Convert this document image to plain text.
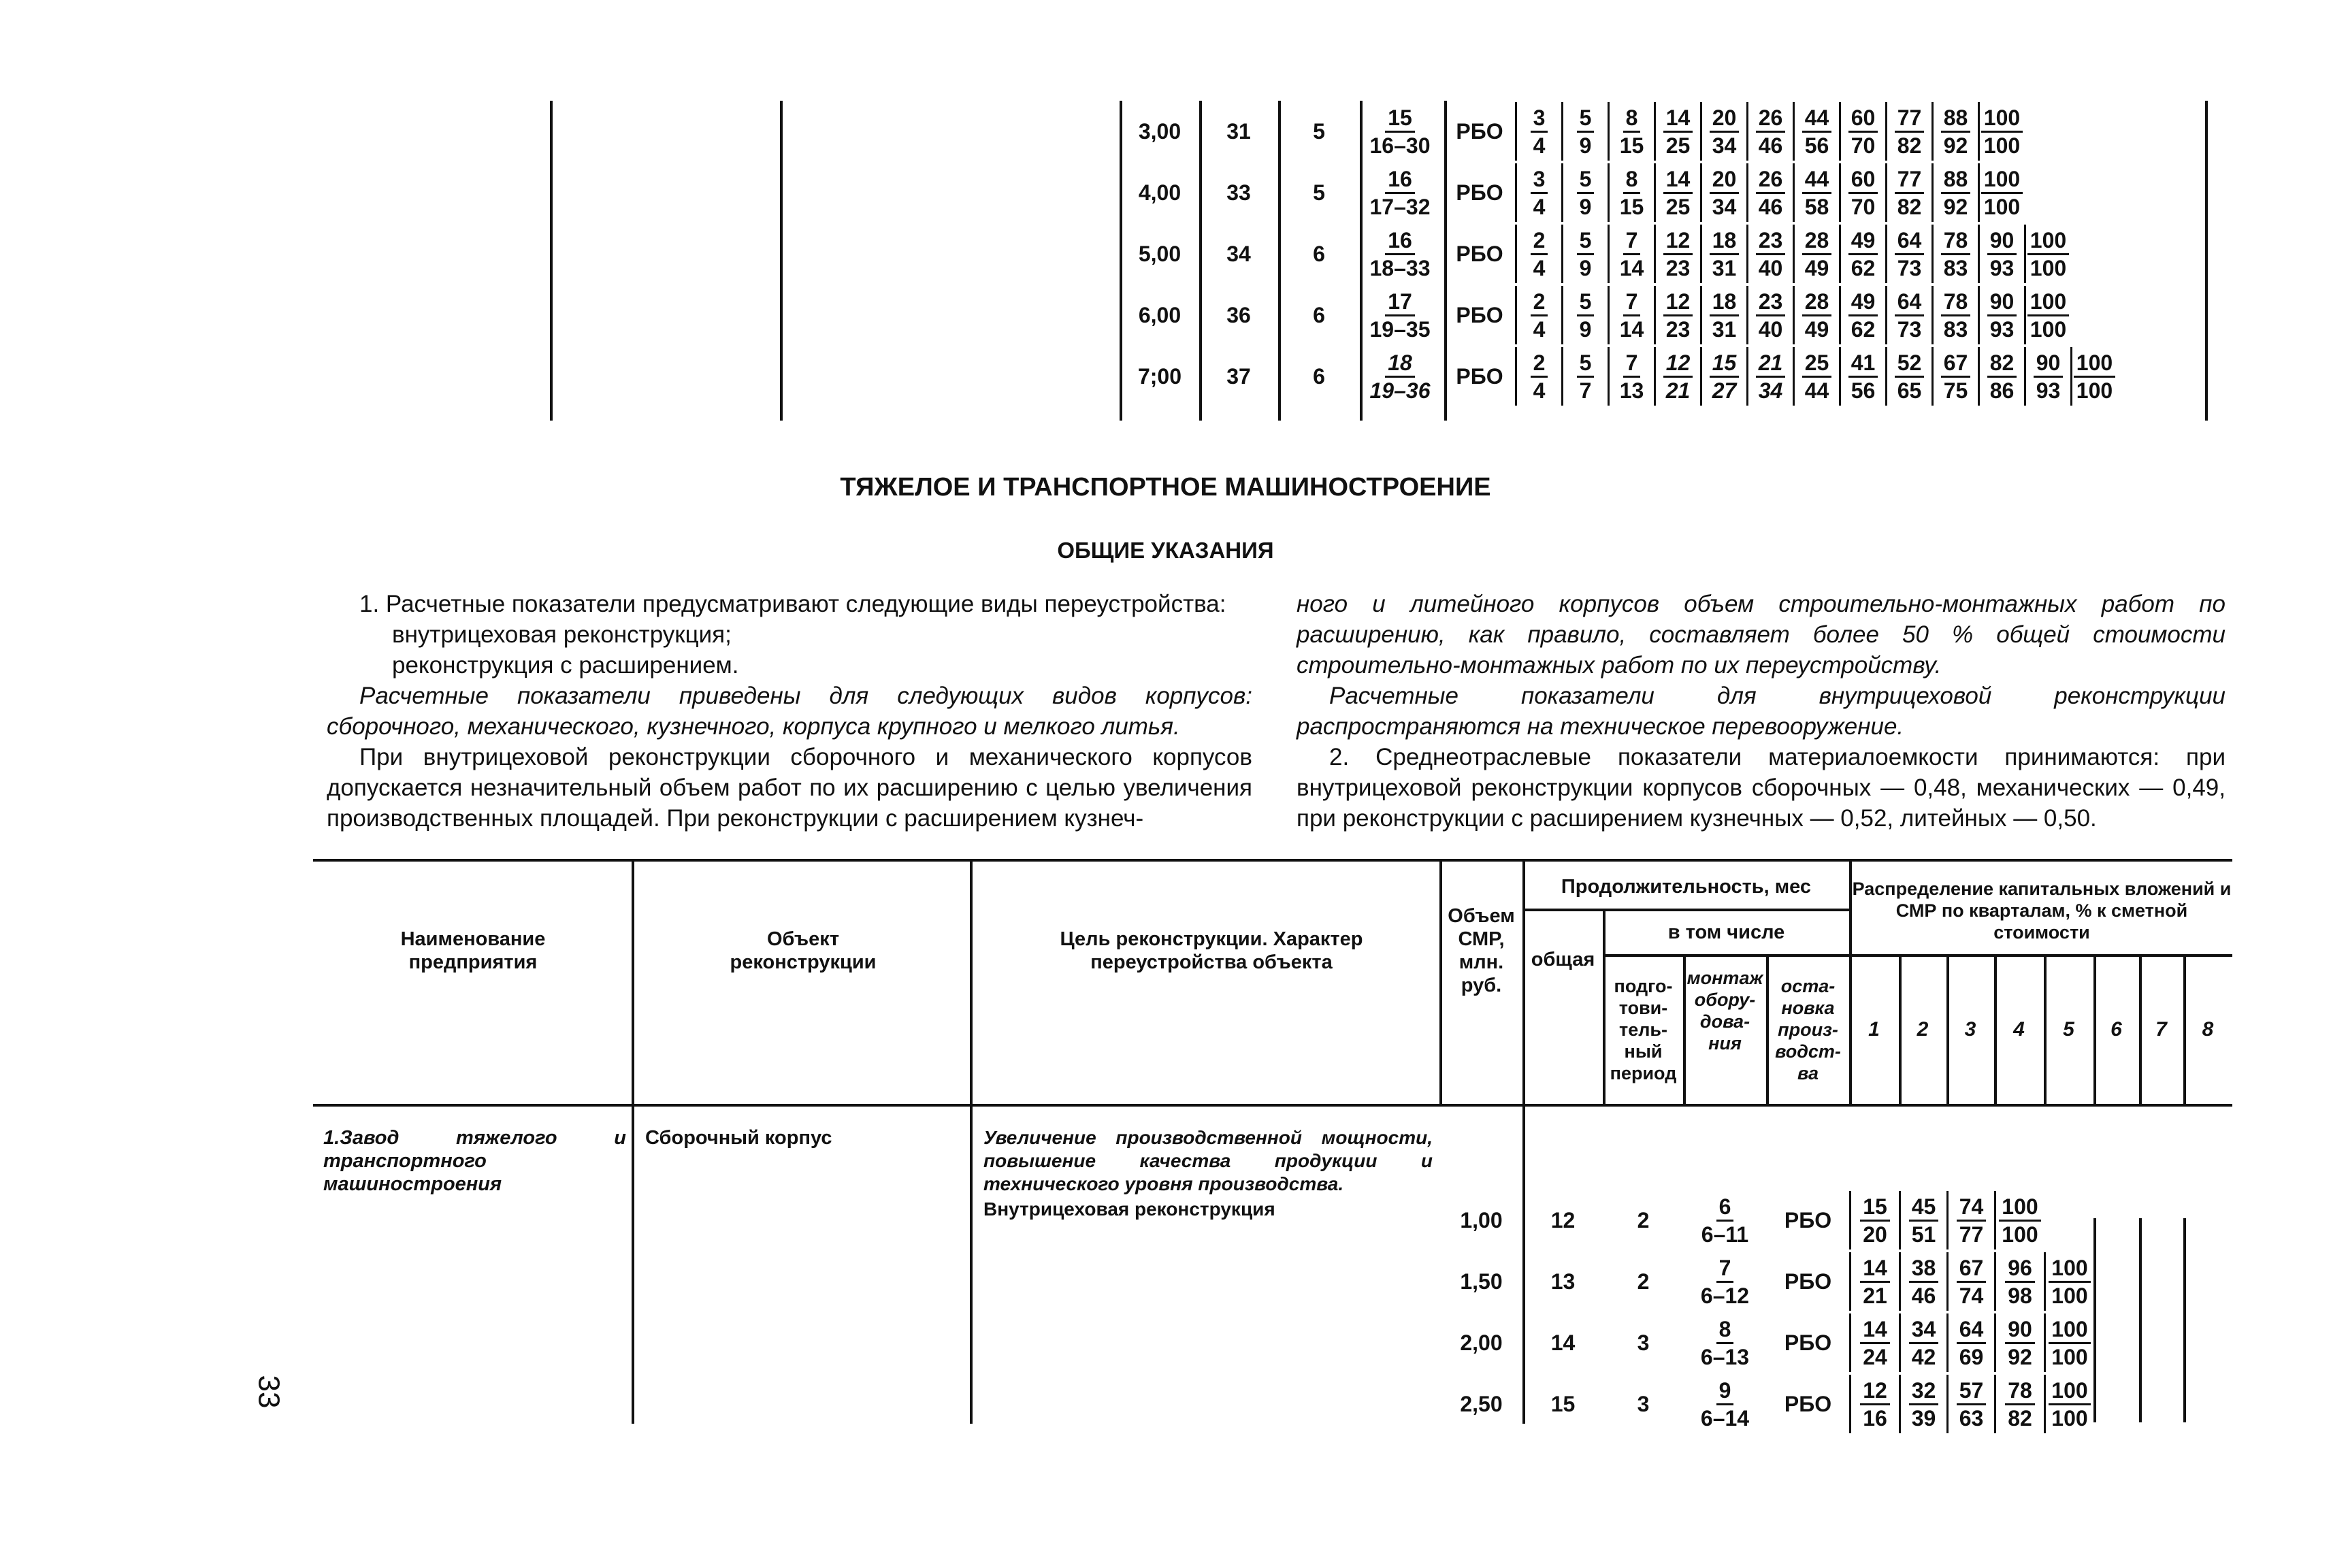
3,00	31	5	$\frac{15}{16-30}$	РБО	$\frac{3}{4} \frac{5}{9} \frac{8}{15} \frac{14}{25} \frac{20}{34} \frac{26}{46} \frac{44}{56} \frac{60}{70} \frac{77}{82} \frac{88}{92} \frac{100}{100}$
4,00	33	5	$\frac{16}{17-32}$	РБО	$\frac{3}{4} \frac{5}{9} \frac{8}{15} \frac{14}{25} \frac{20}{34} \frac{26}{46} \frac{44}{58} \frac{60}{70} \frac{77}{82} \frac{88}{92} \frac{100}{100}$
5,00	34	6	$\frac{16}{18-33}$	РБО	$\frac{2}{4} \frac{5}{9} \frac{7}{14} \frac{12}{23} \frac{18}{31} \frac{23}{40} \frac{28}{49} \frac{49}{62} \frac{64}{73} \frac{78}{83} \frac{90}{93} \frac{100}{100}$
6,00	36	6	$\frac{17}{19-35}$	РБО	$\frac{2}{4} \frac{5}{9} \frac{7}{14} \frac{12}{23} \frac{18}{31} \frac{23}{40} \frac{28}{49} \frac{49}{62} \frac{64}{73} \frac{78}{83} \frac{90}{93} \frac{100}{100}$
7;00	37	6	$\frac{18}{19-36}$	РБО	$\frac{2}{4} \frac{5}{7} \frac{7}{13} \frac{12}{21} \frac{15}{27} \frac{21}{34} \frac{25}{44} \frac{41}{56} \frac{52}{65} \frac{67}{75} \frac{82}{86} \frac{90}{93} \frac{100}{100}$
ТЯЖЕЛОЕ И ТРАНСПОРТНОЕ МАШИНОСТРОЕНИЕ
ОБЩИЕ УКАЗАНИЯ

1. Расчетные показатели предусматривают следующие виды переустройства:

внутрицеховая реконструкция;

реконструкция с расширением.

Расчетные показатели приведены для следующих видов корпусов: сборочного, механического, кузнечного, корпуса крупного и мелкого литья.

При внутрицеховой реконструкции сборочного и механического корпусов допускается незначительный объем работ по их расширению с целью увеличения производственных площадей. При реконструкции с расширением кузнеч-

ного и литейного корпусов объем строительно-монтажных работ по расширению, как правило, составляет более 50 % общей стоимости строительно-монтажных работ по их переустройству.

Расчетные показатели для внутрицеховой реконструкции распространяются на техническое перевооружение.

2. Среднеотраслевые показатели материалоемкости принимаются: при внутрицеховой реконструкции корпусов сборочных — 0,48, механических — 0,49, при реконструкции с расширением кузнечных — 0,52, литейных — 0,50.

Наименование предприятия
Объект реконструкции
Цель реконструкции. Характер переустройства объекта
Объем СМР, млн. руб.
Продолжительность, мес
общая
в том числе
подго-тови-тель-ный период
монтаж обору-дова-ния
оста-новка произ-водст-ва
Распределение капитальных вложений и СМР по кварталам, % к сметной стоимости
1	2	3	4	5	6	7	8
1.Завод тяжелого и транспортного машиностроения
Сборочный корпус	Увеличение производственной мощности, повышение качества продукции и технического уровня производства.
Внутрицеховая реконструкция	1,00	12	2	$\frac{6}{6-11}$	РБО	$\frac{15}{20} \frac{45}{51} \frac{74}{77} \frac{100}{100}$
1,50	13	2	$\frac{7}{6-12}$	РБО	$\frac{14}{21} \frac{38}{46} \frac{67}{74} \frac{96}{98} \frac{100}{100}$
2,00	14	3	$\frac{8}{6-13}$	РБО	$\frac{14}{24} \frac{34}{42} \frac{64}{69} \frac{90}{92} \frac{100}{100}$
2,50	15	3	$\frac{9}{6-14}$	РБО	$\frac{12}{16} \frac{32}{39} \frac{57}{63} \frac{78}{82} \frac{100}{100}$
33
